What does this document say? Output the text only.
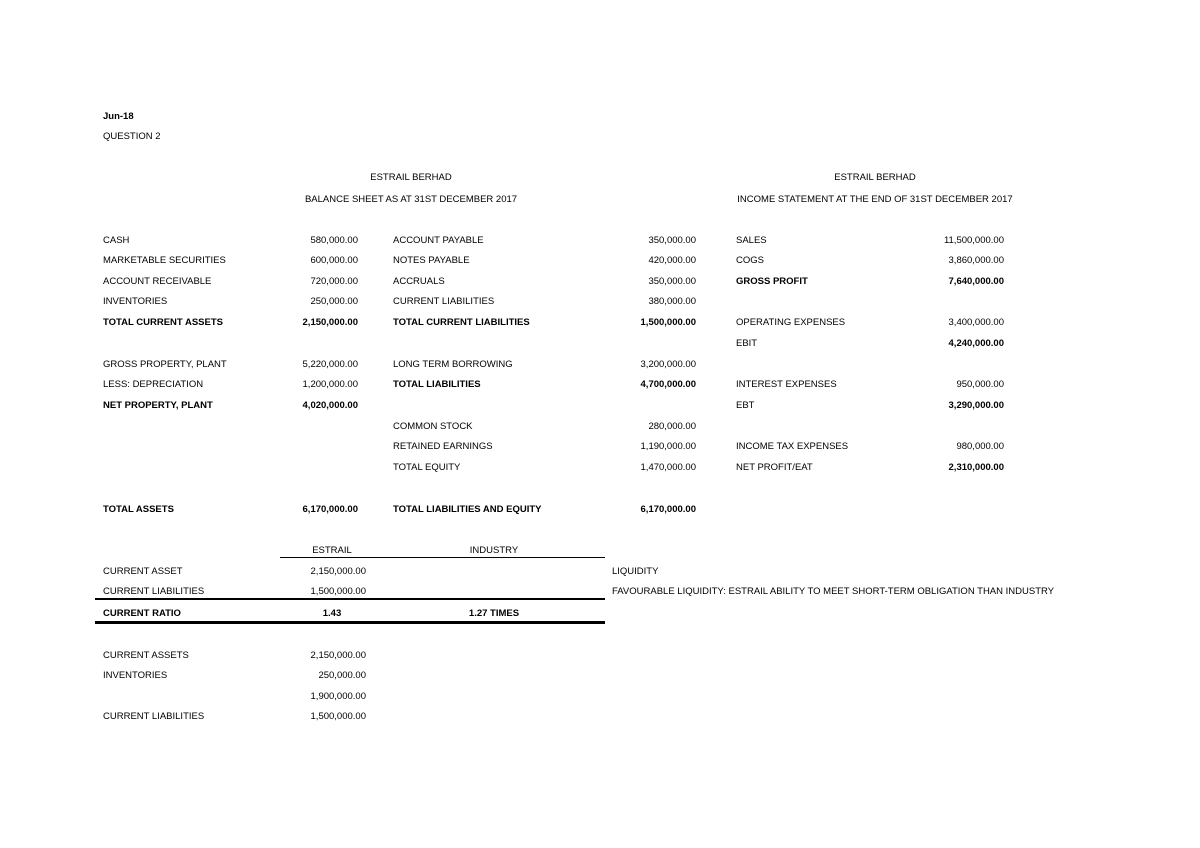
Jun-18
QUESTION 2
ESTRAIL BERHAD
BALANCE SHEET AS AT 31ST DECEMBER 2017
ESTRAIL BERHAD
INCOME STATEMENT AT THE END OF 31ST DECEMBER 2017
CASH	580,000.00
MARKETABLE SECURITIES	600,000.00
ACCOUNT RECEIVABLE	720,000.00
INVENTORIES	250,000.00
TOTAL CURRENT ASSETS	2,150,000.00
GROSS PROPERTY, PLANT	5,220,000.00
LESS: DEPRECIATION	1,200,000.00
NET PROPERTY, PLANT	4,020,000.00
TOTAL ASSETS	6,170,000.00
ACCOUNT PAYABLE	350,000.00
NOTES PAYABLE	420,000.00
ACCRUALS	350,000.00
CURRENT LIABILITIES	380,000.00
TOTAL CURRENT LIABILITIES	1,500,000.00
LONG TERM BORROWING	3,200,000.00
TOTAL LIABILITIES	4,700,000.00
COMMON STOCK	280,000.00
RETAINED EARNINGS	1,190,000.00
TOTAL EQUITY	1,470,000.00
TOTAL LIABILITIES AND EQUITY	6,170,000.00
SALES	11,500,000.00
COGS	3,860,000.00
GROSS PROFIT	7,640,000.00
OPERATING EXPENSES	3,400,000.00
EBIT	4,240,000.00
INTEREST EXPENSES	950,000.00
EBT	3,290,000.00
INCOME TAX EXPENSES	980,000.00
NET PROFIT/EAT	2,310,000.00
ESTRAIL	INDUSTRY
CURRENT ASSET	2,150,000.00
CURRENT LIABILITIES	1,500,000.00
CURRENT RATIO	1.43	1.27 TIMES
LIQUIDITY
FAVOURABLE LIQUIDITY: ESTRAIL ABILITY TO MEET SHORT-TERM OBLIGATION THAN INDUSTRY
CURRENT ASSETS	2,150,000.00
INVENTORIES	250,000.00
1,900,000.00
CURRENT LIABILITIES	1,500,000.00
